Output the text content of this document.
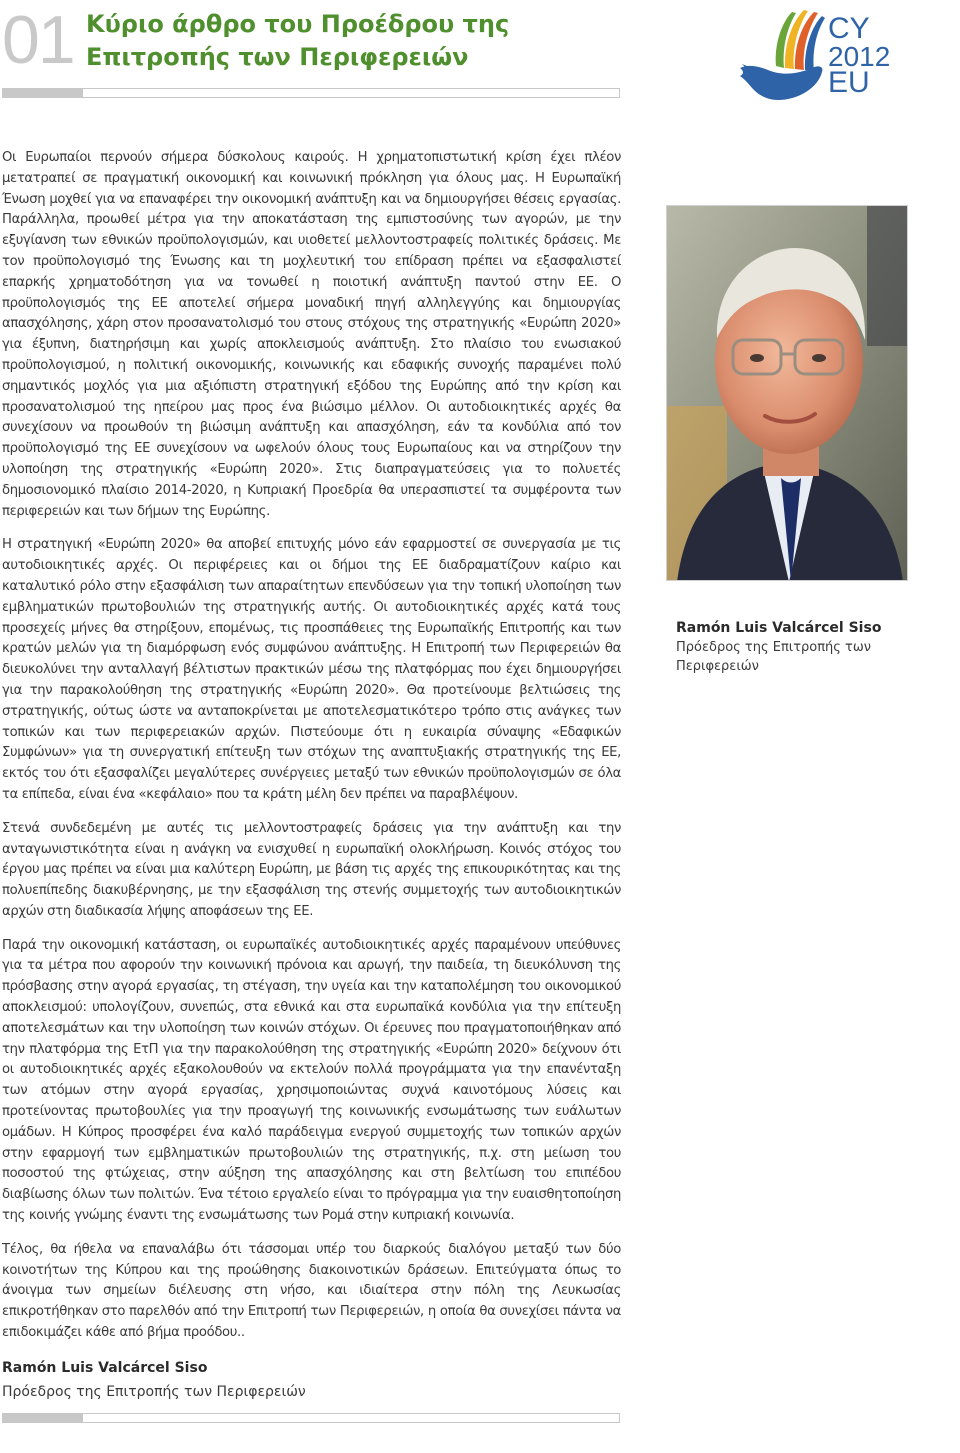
01 Κύριο άρθρο του Προέδρου της Επιτροπής των Περιφερειών
CY
2012
EU

Οι Ευρωπαίοι περνούν σήμερα δύσκολους καιρούς. Η χρηματοπιστωτική κρίση έχει πλέον μετατραπεί σε πραγματική οικονομική και κοινωνική πρόκληση για όλους μας. Η Ευρωπαϊκή Ένωση μοχθεί για να επαναφέρει την οικονομική ανάπτυξη και να δημιουργήσει θέσεις εργασίας. Παράλληλα, προωθεί μέτρα για την αποκατάσταση της εμπιστοσύνης των αγορών, με την εξυγίανση των εθνικών προϋπολογισμών, και υιοθετεί μελλοντοστραφείς πολιτικές δράσεις. Με τον προϋπολογισμό της Ένωσης και τη μοχλευτική του επίδραση πρέπει να εξασφαλιστεί επαρκής χρηματοδότηση για να τονωθεί η ποιοτική ανάπτυξη παντού στην ΕΕ. Ο προϋπολογισμός της ΕΕ αποτελεί σήμερα μοναδική πηγή αλληλεγγύης και δημιουργίας απασχόλησης, χάρη στον προσανατολισμό του στους στόχους της στρατηγικής «Ευρώπη 2020» για έξυπνη, διατηρήσιμη και χωρίς αποκλεισμούς ανάπτυξη. Στο πλαίσιο του ενωσιακού προϋπολογισμού, η πολιτική οικονομικής, κοινωνικής και εδαφικής συνοχής παραμένει πολύ σημαντικός μοχλός για μια αξιόπιστη στρατηγική εξόδου της Ευρώπης από την κρίση και προσανατολισμού της ηπείρου μας προς ένα βιώσιμο μέλλον. Οι αυτοδιοικητικές αρχές θα συνεχίσουν να προωθούν τη βιώσιμη ανάπτυξη και απασχόληση, εάν τα κονδύλια από τον προϋπολογισμό της ΕΕ συνεχίσουν να ωφελούν όλους τους Ευρωπαίους και να στηρίζουν την υλοποίηση της στρατηγικής «Ευρώπη 2020». Στις διαπραγματεύσεις για το πολυετές δημοσιονομικό πλαίσιο 2014-2020, η Κυπριακή Προεδρία θα υπερασπιστεί τα συμφέροντα των περιφερειών και των δήμων της Ευρώπης.

Η στρατηγική «Ευρώπη 2020» θα αποβεί επιτυχής μόνο εάν εφαρμοστεί σε συνεργασία με τις αυτοδιοικητικές αρχές. Οι περιφέρειες και οι δήμοι της ΕΕ διαδραματίζουν καίριο και καταλυτικό ρόλο στην εξασφάλιση των απαραίτητων επενδύσεων για την τοπική υλοποίηση των εμβληματικών πρωτοβουλιών της στρατηγικής αυτής. Οι αυτοδιοικητικές αρχές κατά τους προσεχείς μήνες θα στηρίξουν, επομένως, τις προσπάθειες της Ευρωπαϊκής Επιτροπής και των κρατών μελών για τη διαμόρφωση ενός συμφώνου ανάπτυξης. Η Επιτροπή των Περιφερειών θα διευκολύνει την ανταλλαγή βέλτιστων πρακτικών μέσω της πλατφόρμας που έχει δημιουργήσει για την παρακολούθηση της στρατηγικής «Ευρώπη 2020». Θα προτείνουμε βελτιώσεις της στρατηγικής, ούτως ώστε να ανταποκρίνεται με αποτελεσματικότερο τρόπο στις ανάγκες των τοπικών και των περιφερειακών αρχών. Πιστεύουμε ότι η ευκαιρία σύναψης «Εδαφικών Συμφώνων» για τη συνεργατική επίτευξη των στόχων της αναπτυξιακής στρατηγικής της ΕΕ, εκτός του ότι εξασφαλίζει μεγαλύτερες συνέργειες μεταξύ των εθνικών προϋπολογισμών σε όλα τα επίπεδα, είναι ένα «κεφάλαιο» που τα κράτη μέλη δεν πρέπει να παραβλέψουν.

Στενά συνδεδεμένη με αυτές τις μελλοντοστραφείς δράσεις για την ανάπτυξη και την ανταγωνιστικότητα είναι η ανάγκη να ενισχυθεί η ευρωπαϊκή ολοκλήρωση. Κοινός στόχος του έργου μας πρέπει να είναι μια καλύτερη Ευρώπη, με βάση τις αρχές της επικουρικότητας και της πολυεπίπεδης διακυβέρνησης, με την εξασφάλιση της στενής συμμετοχής των αυτοδιοικητικών αρχών στη διαδικασία λήψης αποφάσεων της ΕΕ.

Παρά την οικονομική κατάσταση, οι ευρωπαϊκές αυτοδιοικητικές αρχές παραμένουν υπεύθυνες για τα μέτρα που αφορούν την κοινωνική πρόνοια και αρωγή, την παιδεία, τη διευκόλυνση της πρόσβασης στην αγορά εργασίας, τη στέγαση, την υγεία και την καταπολέμηση του οικονομικού αποκλεισμού: υπολογίζουν, συνεπώς, στα εθνικά και στα ευρωπαϊκά κονδύλια για την επίτευξη αποτελεσμάτων και την υλοποίηση των κοινών στόχων. Οι έρευνες που πραγματοποιήθηκαν από την πλατφόρμα της ΕτΠ για την παρακολούθηση της στρατηγικής «Ευρώπη 2020» δείχνουν ότι οι αυτοδιοικητικές αρχές εξακολουθούν να εκτελούν πολλά προγράμματα για την επανένταξη των ατόμων στην αγορά εργασίας, χρησιμοποιώντας συχνά καινοτόμους λύσεις και προτείνοντας πρωτοβουλίες για την προαγωγή της κοινωνικής ενσωμάτωσης των ευάλωτων ομάδων. Η Κύπρος προσφέρει ένα καλό παράδειγμα ενεργού συμμετοχής των τοπικών αρχών στην εφαρμογή των εμβληματικών πρωτοβουλιών της στρατηγικής, π.χ. στη μείωση του ποσοστού της φτώχειας, στην αύξηση της απασχόλησης και στη βελτίωση του επιπέδου διαβίωσης όλων των πολιτών. Ένα τέτοιο εργαλείο είναι το πρόγραμμα για την ευαισθητοποίηση της κοινής γνώμης έναντι της ενσωμάτωσης των Ρομά στην κυπριακή κοινωνία.

Τέλος, θα ήθελα να επαναλάβω ότι τάσσομαι υπέρ του διαρκούς διαλόγου μεταξύ των δύο κοινοτήτων της Κύπρου και της προώθησης διακοινοτικών δράσεων. Επιτεύγματα όπως το άνοιγμα των σημείων διέλευσης στη νήσο, και ιδιαίτερα στην πόλη της Λευκωσίας επικροτήθηκαν στο παρελθόν από την Επιτροπή των Περιφερειών, η οποία θα συνεχίσει πάντα να επιδοκιμάζει κάθε από βήμα προόδου..

Ramón Luis Valcárcel Siso
Πρόεδρος της Επιτροπής των Περιφερειών
Ramón Luis Valcárcel Siso
Πρόεδρος της Επιτροπής των Περιφερειών
